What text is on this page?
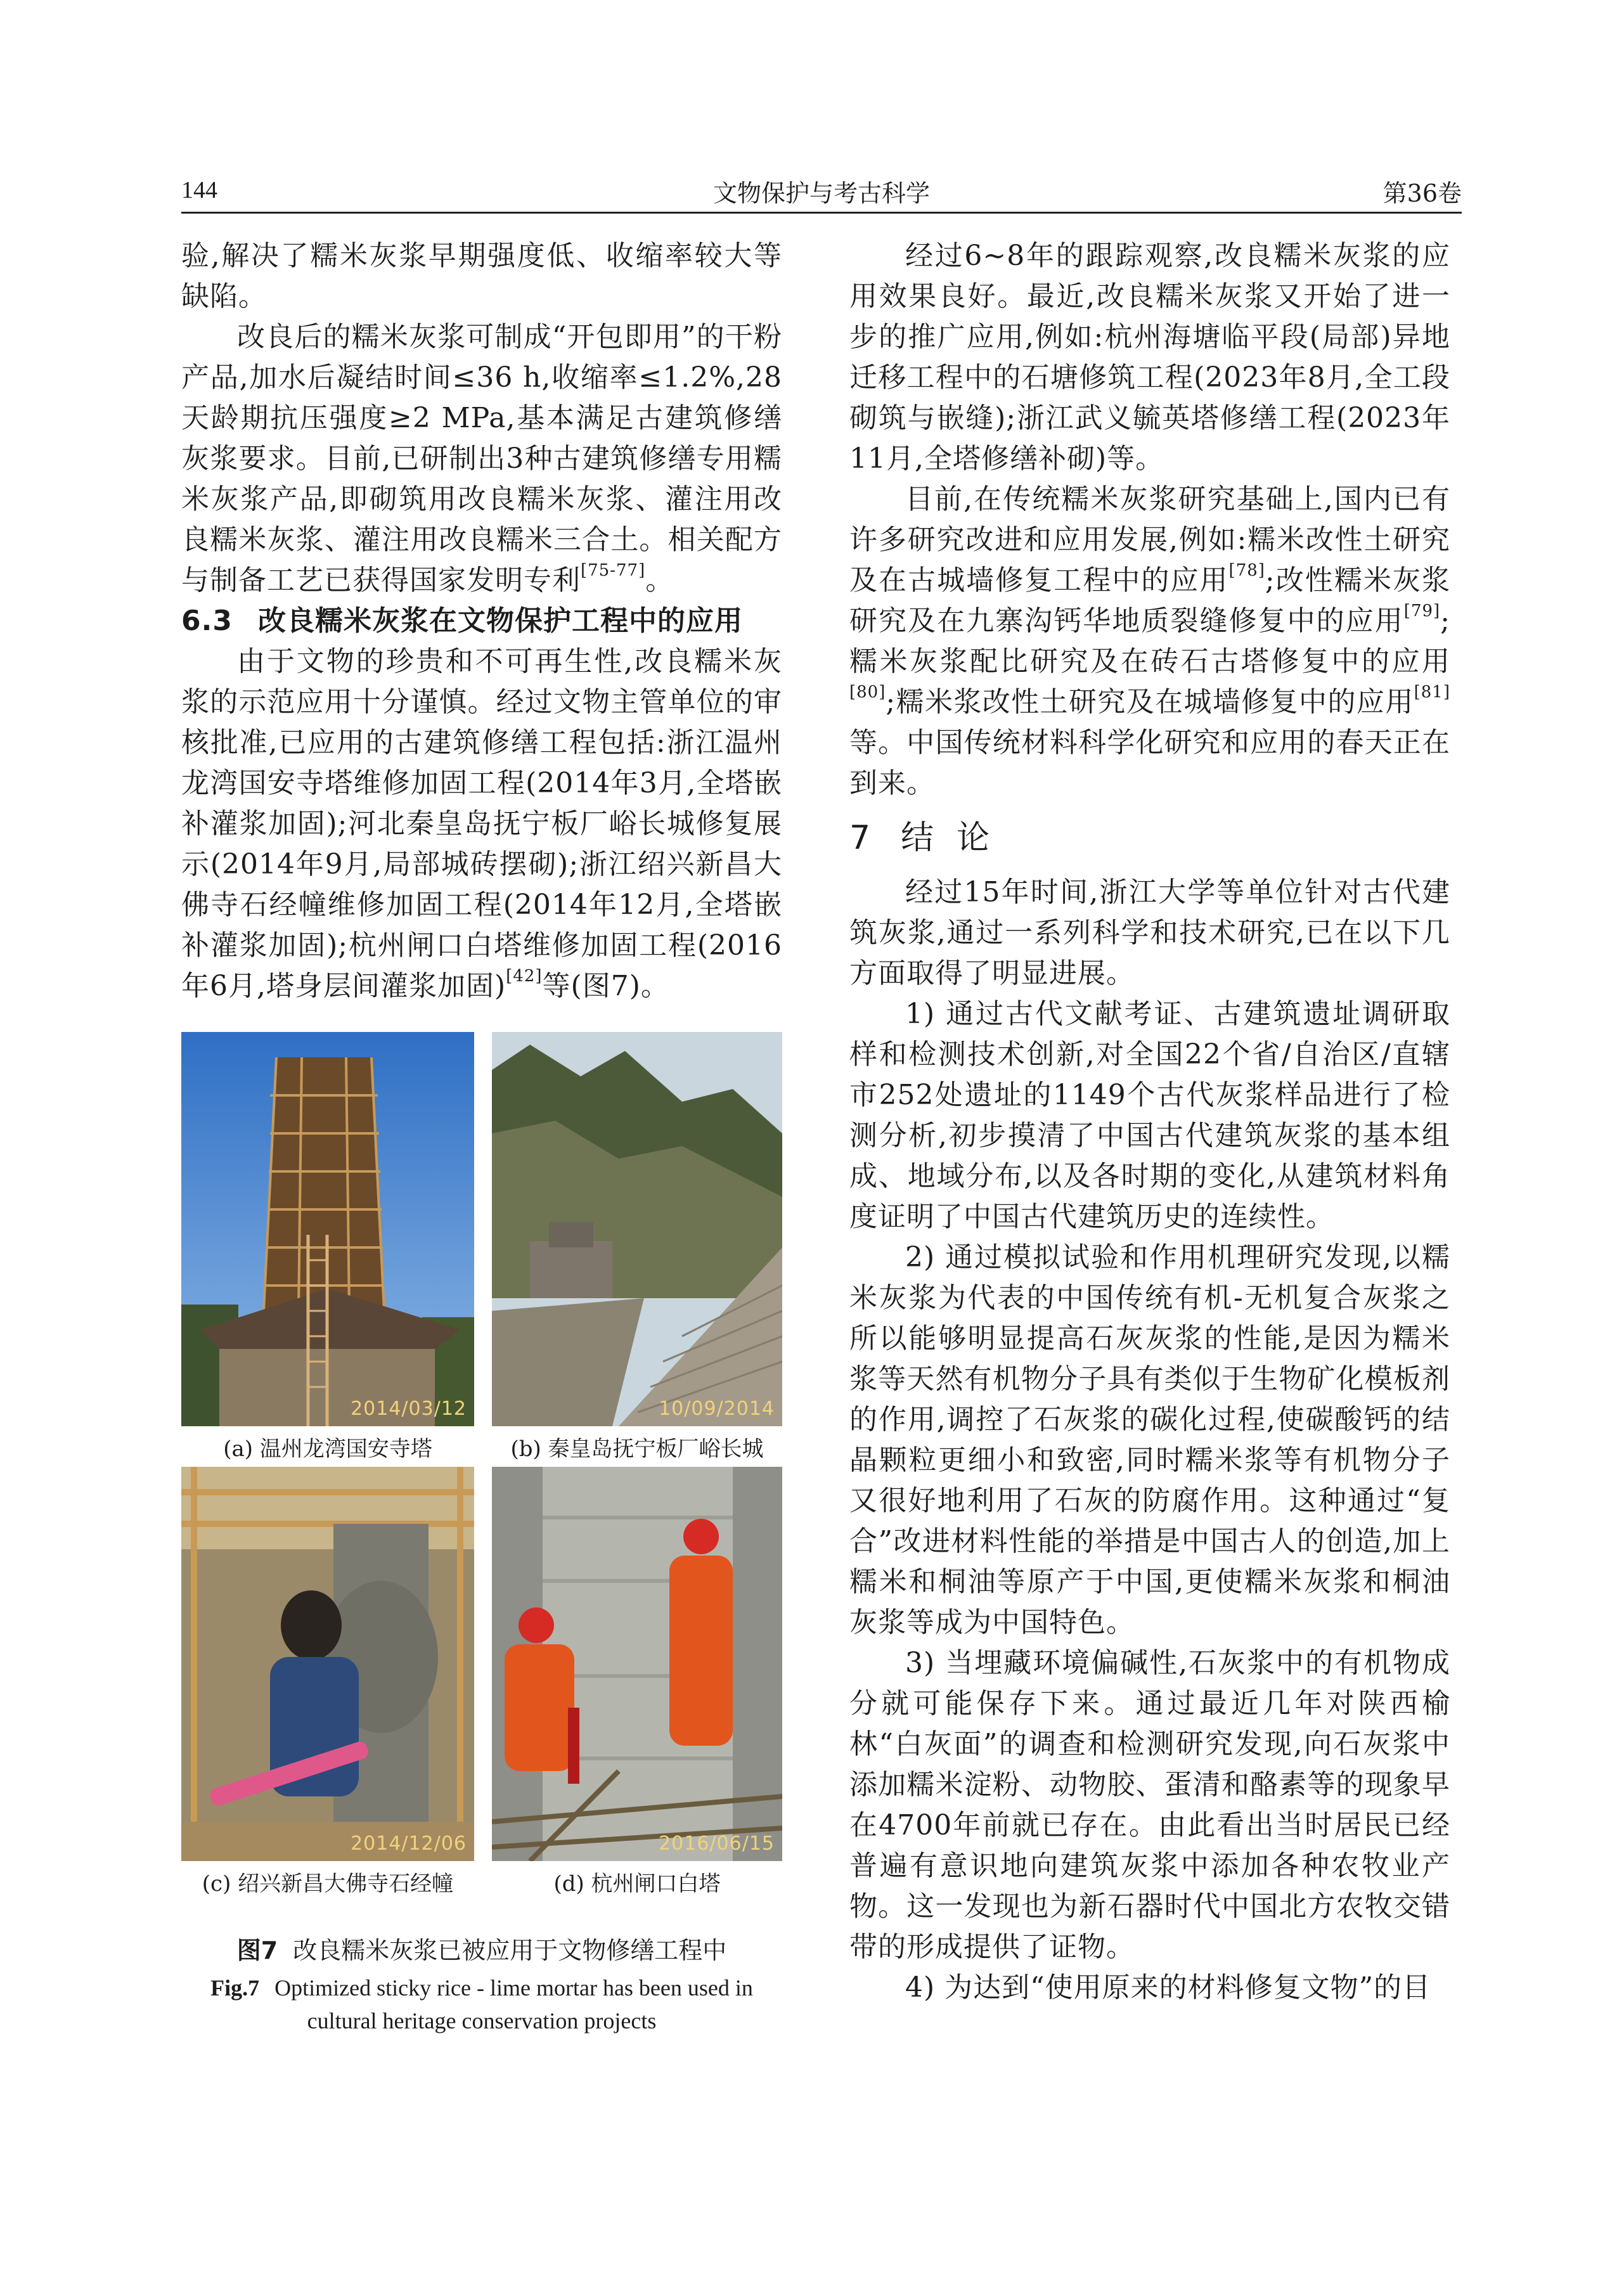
144	文物保护与考古科学	第36卷

验,解决了糯米灰浆早期强度低、收缩率较大等缺陷。

改良后的糯米灰浆可制成“开包即用”的干粉产品,加水后凝结时间≤36 h,收缩率≤1.2%,28天龄期抗压强度≥2 MPa,基本满足古建筑修缮灰浆要求。目前,已研制出3种古建筑修缮专用糯米灰浆产品,即砌筑用改良糯米灰浆、灌注用改良糯米灰浆、灌注用改良糯米三合土。相关配方与制备工艺已获得国家发明专利[75-77]。

6.3 改良糯米灰浆在文物保护工程中的应用

由于文物的珍贵和不可再生性,改良糯米灰浆的示范应用十分谨慎。经过文物主管单位的审核批准,已应用的古建筑修缮工程包括:浙江温州龙湾国安寺塔维修加固工程(2014年3月,全塔嵌补灌浆加固);河北秦皇岛抚宁板厂峪长城修复展示(2014年9月,局部城砖摆砌);浙江绍兴新昌大佛寺石经幢维修加固工程(2014年12月,全塔嵌补灌浆加固);杭州闸口白塔维修加固工程(2016年6月,塔身层间灌浆加固)[42]等(图7)。

2014/03/12
(a) 温州龙湾国安寺塔
10/09/2014
(b) 秦皇岛抚宁板厂峪长城
2014/12/06
(c) 绍兴新昌大佛寺石经幢
2016/06/15
(d) 杭州闸口白塔
图7 改良糯米灰浆已被应用于文物修缮工程中
Fig.7 Optimized sticky rice - lime mortar has been used in cultural heritage conservation projects

经过6~8年的跟踪观察,改良糯米灰浆的应用效果良好。最近,改良糯米灰浆又开始了进一步的推广应用,例如:杭州海塘临平段(局部)异地迁移工程中的石塘修筑工程(2023年8月,全工段砌筑与嵌缝);浙江武义毓英塔修缮工程(2023年11月,全塔修缮补砌)等。

目前,在传统糯米灰浆研究基础上,国内已有许多研究改进和应用发展,例如:糯米改性土研究及在古城墙修复工程中的应用[78];改性糯米灰浆研究及在九寨沟钙华地质裂缝修复中的应用[79];糯米灰浆配比研究及在砖石古塔修复中的应用[80];糯米浆改性土研究及在城墙修复中的应用[81]等。中国传统材料科学化研究和应用的春天正在到来。

7 结论

经过15年时间,浙江大学等单位针对古代建筑灰浆,通过一系列科学和技术研究,已在以下几方面取得了明显进展。

1) 通过古代文献考证、古建筑遗址调研取样和检测技术创新,对全国22个省/自治区/直辖市252处遗址的1149个古代灰浆样品进行了检测分析,初步摸清了中国古代建筑灰浆的基本组成、地域分布,以及各时期的变化,从建筑材料角度证明了中国古代建筑历史的连续性。

2) 通过模拟试验和作用机理研究发现,以糯米灰浆为代表的中国传统有机-无机复合灰浆之所以能够明显提高石灰灰浆的性能,是因为糯米浆等天然有机物分子具有类似于生物矿化模板剂的作用,调控了石灰浆的碳化过程,使碳酸钙的结晶颗粒更细小和致密,同时糯米浆等有机物分子又很好地利用了石灰的防腐作用。这种通过“复合”改进材料性能的举措是中国古人的创造,加上糯米和桐油等原产于中国,更使糯米灰浆和桐油灰浆等成为中国特色。

3) 当埋藏环境偏碱性,石灰浆中的有机物成分就可能保存下来。通过最近几年对陕西榆林“白灰面”的调查和检测研究发现,向石灰浆中添加糯米淀粉、动物胶、蛋清和酪素等的现象早在4700年前就已存在。由此看出当时居民已经普遍有意识地向建筑灰浆中添加各种农牧业产物。这一发现也为新石器时代中国北方农牧交错带的形成提供了证物。

4) 为达到“使用原来的材料修复文物”的目
